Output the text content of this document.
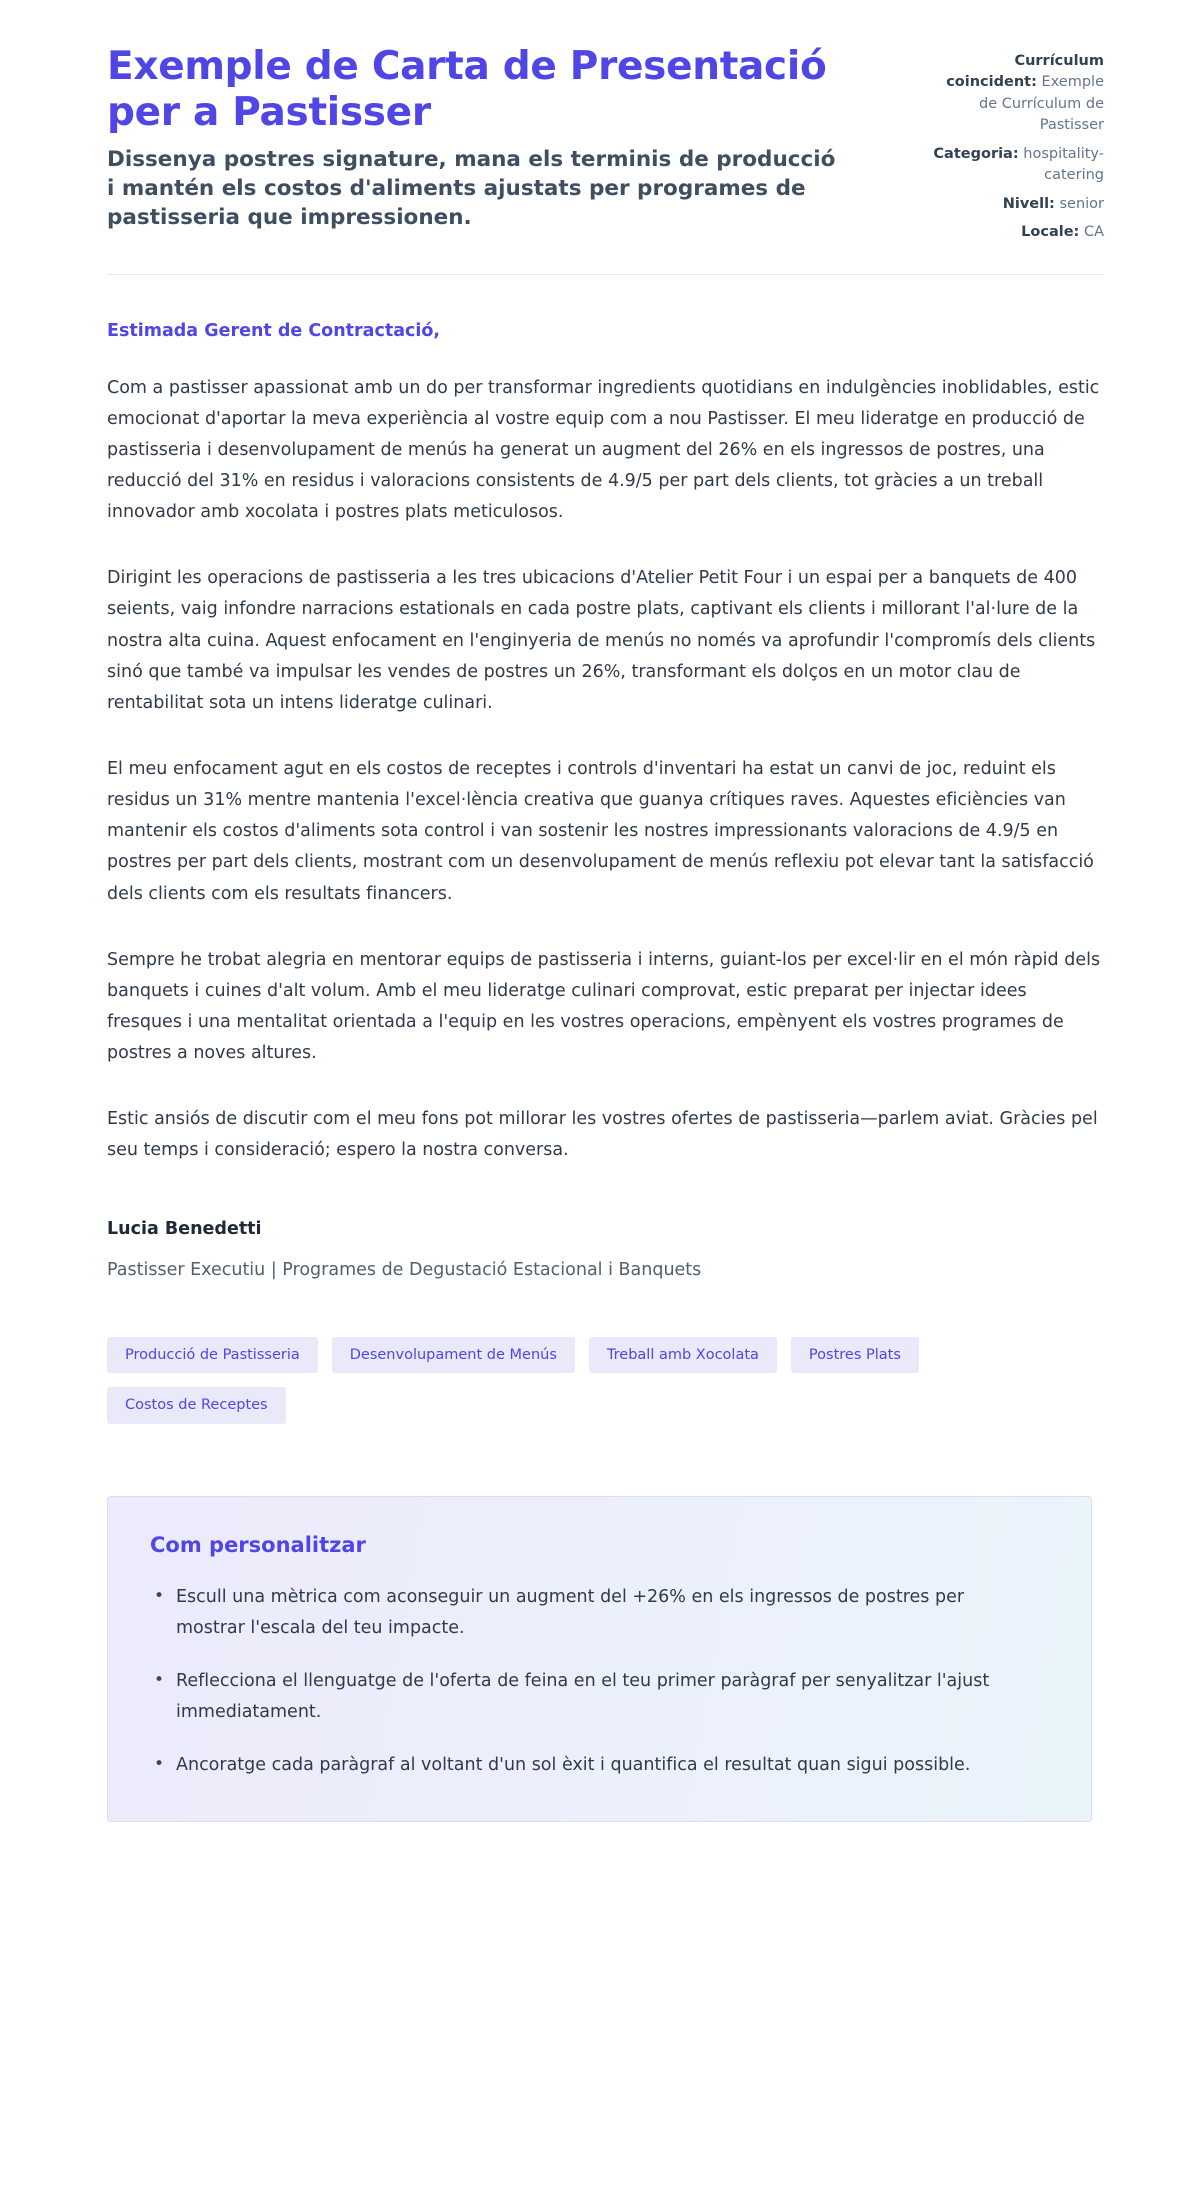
Exemple de Carta de Presentació per a Pastisser

Dissenya postres signature, mana els terminis de producció i mantén els costos d'aliments ajustats per programes de pastisseria que impressionen.

Currículum coincident: Exemple de Currículum de Pastisser
Categoria: hospitality-catering
Nivell: senior
Locale: CA

Estimada Gerent de Contractació,

Com a pastisser apassionat amb un do per transformar ingredients quotidians en indulgències inoblidables, estic emocionat d'aportar la meva experiència al vostre equip com a nou Pastisser. El meu lideratge en producció de pastisseria i desenvolupament de menús ha generat un augment del 26% en els ingressos de postres, una reducció del 31% en residus i valoracions consistents de 4.9/5 per part dels clients, tot gràcies a un treball innovador amb xocolata i postres plats meticulosos.

Dirigint les operacions de pastisseria a les tres ubicacions d'Atelier Petit Four i un espai per a banquets de 400 seients, vaig infondre narracions estationals en cada postre plats, captivant els clients i millorant l'al·lure de la nostra alta cuina. Aquest enfocament en l'enginyeria de menús no només va aprofundir l'compromís dels clients sinó que també va impulsar les vendes de postres un 26%, transformant els dolços en un motor clau de rentabilitat sota un intens lideratge culinari.

El meu enfocament agut en els costos de receptes i controls d'inventari ha estat un canvi de joc, reduint els residus un 31% mentre mantenia l'excel·lència creativa que guanya crítiques raves. Aquestes eficiències van mantenir els costos d'aliments sota control i van sostenir les nostres impressionants valoracions de 4.9/5 en postres per part dels clients, mostrant com un desenvolupament de menús reflexiu pot elevar tant la satisfacció dels clients com els resultats financers.

Sempre he trobat alegria en mentorar equips de pastisseria i interns, guiant-los per excel·lir en el món ràpid dels banquets i cuines d'alt volum. Amb el meu lideratge culinari comprovat, estic preparat per injectar idees fresques i una mentalitat orientada a l'equip en les vostres operacions, empènyent els vostres programes de postres a noves altures.

Estic ansiós de discutir com el meu fons pot millorar les vostres ofertes de pastisseria—parlem aviat. Gràcies pel seu temps i consideració; espero la nostra conversa.

Lucia Benedetti

Pastisser Executiu | Programes de Degustació Estacional i Banquets

Producció de Pastisseria	Desenvolupament de Menús	Treball amb Xocolata	Postres Plats
Costos de Receptes
Com personalitzar
• Escull una mètrica com aconseguir un augment del +26% en els ingressos de postres per mostrar l'escala del teu impacte.
• Reflecciona el llenguatge de l'oferta de feina en el teu primer paràgraf per senyalitzar l'ajust immediatament.
• Ancoratge cada paràgraf al voltant d'un sol èxit i quantifica el resultat quan sigui possible.
